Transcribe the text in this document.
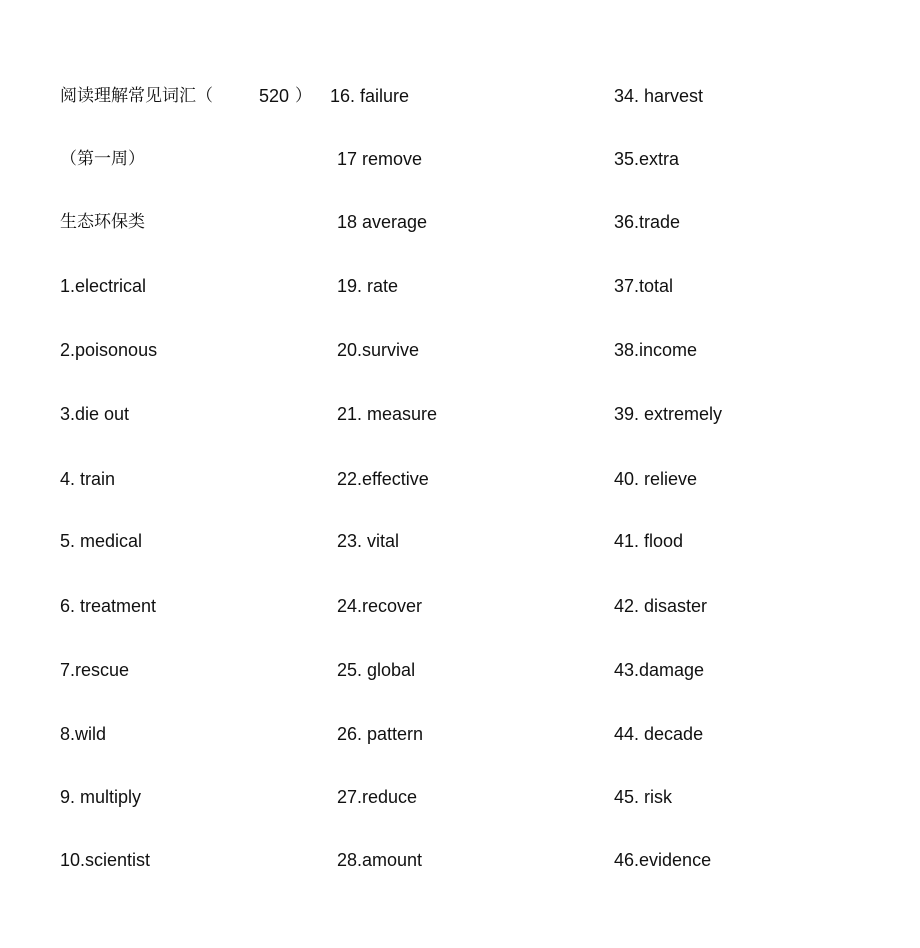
阅读理解常见词汇（	520 ）
（第一周）
生态环保类
1.electrical
2.poisonous
3.die out
4. train
5. medical
6. treatment
7.rescue
8.wild
9. multiply
10.scientist
16. failure
17 remove
18 average
19. rate
20.survive
21. measure
22.effective
23. vital
24.recover
25. global
26. pattern
27.reduce
28.amount
34. harvest
35.extra
36.trade
37.total
38.income
39. extremely
40. relieve
41. flood
42. disaster
43.damage
44. decade
45. risk
46.evidence
